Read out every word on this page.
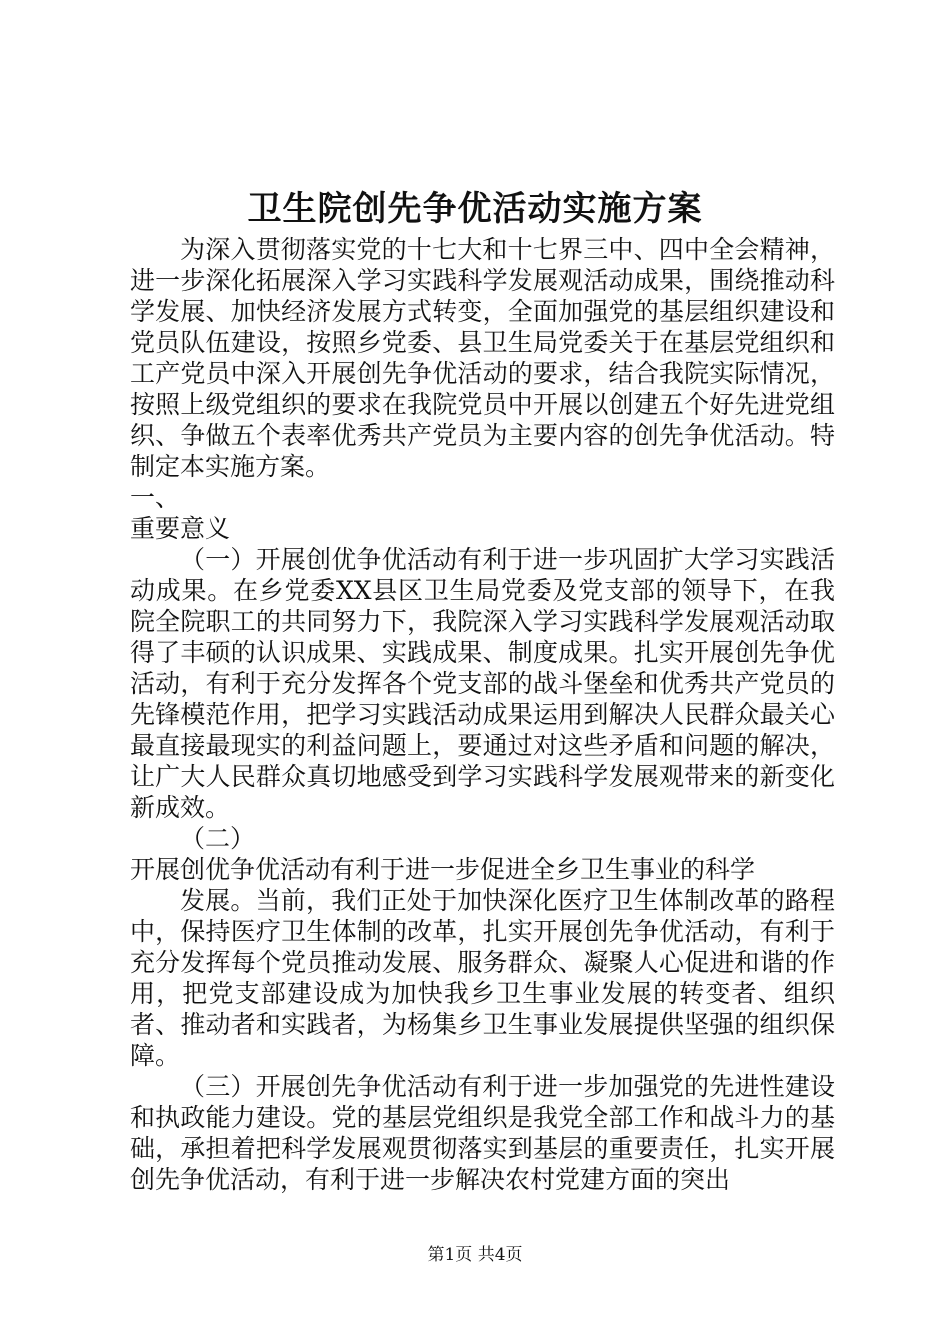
卫生院创先争优活动实施方案

为深入贯彻落实党的十七大和十七界三中、四中全会精神，进一步深化拓展深入学习实践科学发展观活动成果，围绕推动科学发展、加快经济发展方式转变，全面加强党的基层组织建设和党员队伍建设，按照乡党委、县卫生局党委关于在基层党组织和工产党员中深入开展创先争优活动的要求，结合我院实际情况，按照上级党组织的要求在我院党员中开展以创建五个好先进党组织、争做五个表率优秀共产党员为主要内容的创先争优活动。特制定本实施方案。

一、

重要意义

（一）开展创优争优活动有利于进一步巩固扩大学习实践活动成果。在乡党委XX县区卫生局党委及党支部的领导下，在我院全院职工的共同努力下，我院深入学习实践科学发展观活动取得了丰硕的认识成果、实践成果、制度成果。扎实开展创先争优活动，有利于充分发挥各个党支部的战斗堡垒和优秀共产党员的先锋模范作用，把学习实践活动成果运用到解决人民群众最关心最直接最现实的利益问题上，要通过对这些矛盾和问题的解决，让广大人民群众真切地感受到学习实践科学发展观带来的新变化新成效。

（二）

开展创优争优活动有利于进一步促进全乡卫生事业的科学

发展。当前，我们正处于加快深化医疗卫生体制改革的路程中，保持医疗卫生体制的改革，扎实开展创先争优活动，有利于充分发挥每个党员推动发展、服务群众、凝聚人心促进和谐的作用，把党支部建设成为加快我乡卫生事业发展的转变者、组织者、推动者和实践者，为杨集乡卫生事业发展提供坚强的组织保障。

（三）开展创先争优活动有利于进一步加强党的先进性建设和执政能力建设。党的基层党组织是我党全部工作和战斗力的基础，承担着把科学发展观贯彻落实到基层的重要责任，扎实开展创先争优活动，有利于进一步解决农村党建方面的突出

第1页 共4页
